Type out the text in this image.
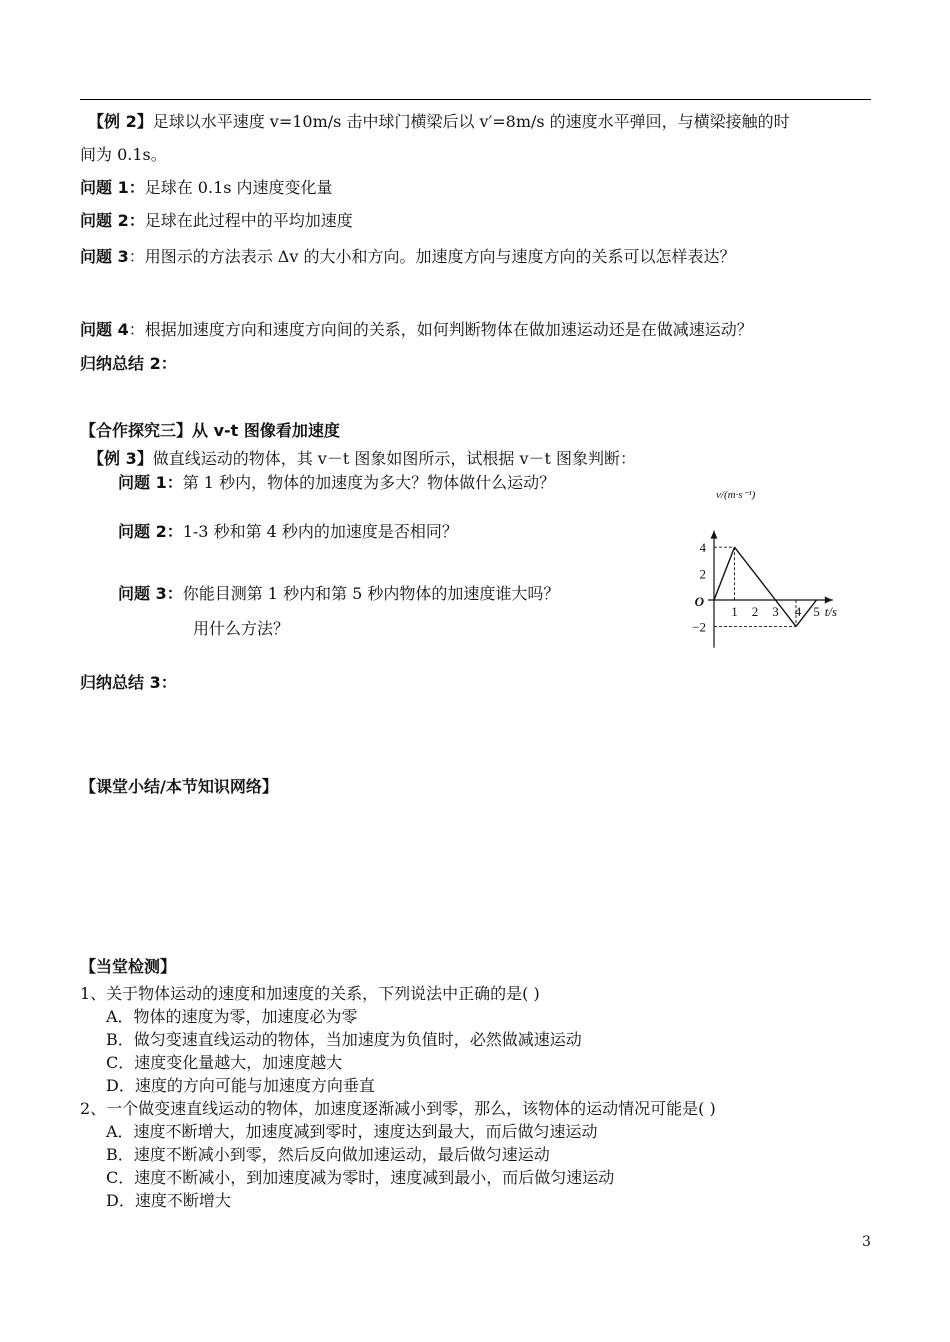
【例 2】足球以水平速度 v=10m/s 击中球门横梁后以 v′=8m/s 的速度水平弹回，与横梁接触的时
间为 0.1s。
问题 1：足球在 0.1s 内速度变化量
问题 2：足球在此过程中的平均加速度
问题 3：用图示的方法表示 Δv 的大小和方向。加速度方向与速度方向的关系可以怎样表达？
问题 4：根据加速度方向和速度方向间的关系，如何判断物体在做加速运动还是在做减速运动？
归纳总结 2：
【合作探究三】从 v-t 图像看加速度
【例 3】做直线运动的物体，其 v－t 图象如图所示，试根据 v－t 图象判断：
问题 1：第 1 秒内，物体的加速度为多大？物体做什么运动？
问题 2：1-3 秒和第 4 秒内的加速度是否相同？
问题 3：你能目测第 1 秒内和第 5 秒内物体的加速度谁大吗？
用什么方法？
归纳总结 3：
1 2 3 4 5
4
2
−2
O
t/s
v/(m·s⁻¹)
【课堂小结/本节知识网络】
【当堂检测】
1、关于物体运动的速度和加速度的关系，下列说法中正确的是( )
A．物体的速度为零，加速度必为零
B．做匀变速直线运动的物体，当加速度为负值时，必然做减速运动
C．速度变化量越大，加速度越大
D．速度的方向可能与加速度方向垂直
2、一个做变速直线运动的物体，加速度逐渐减小到零，那么，该物体的运动情况可能是( )
A．速度不断增大，加速度减到零时，速度达到最大，而后做匀速运动
B．速度不断减小到零，然后反向做加速运动，最后做匀速运动
C．速度不断减小，到加速度减为零时，速度减到最小，而后做匀速运动
D．速度不断增大
3
